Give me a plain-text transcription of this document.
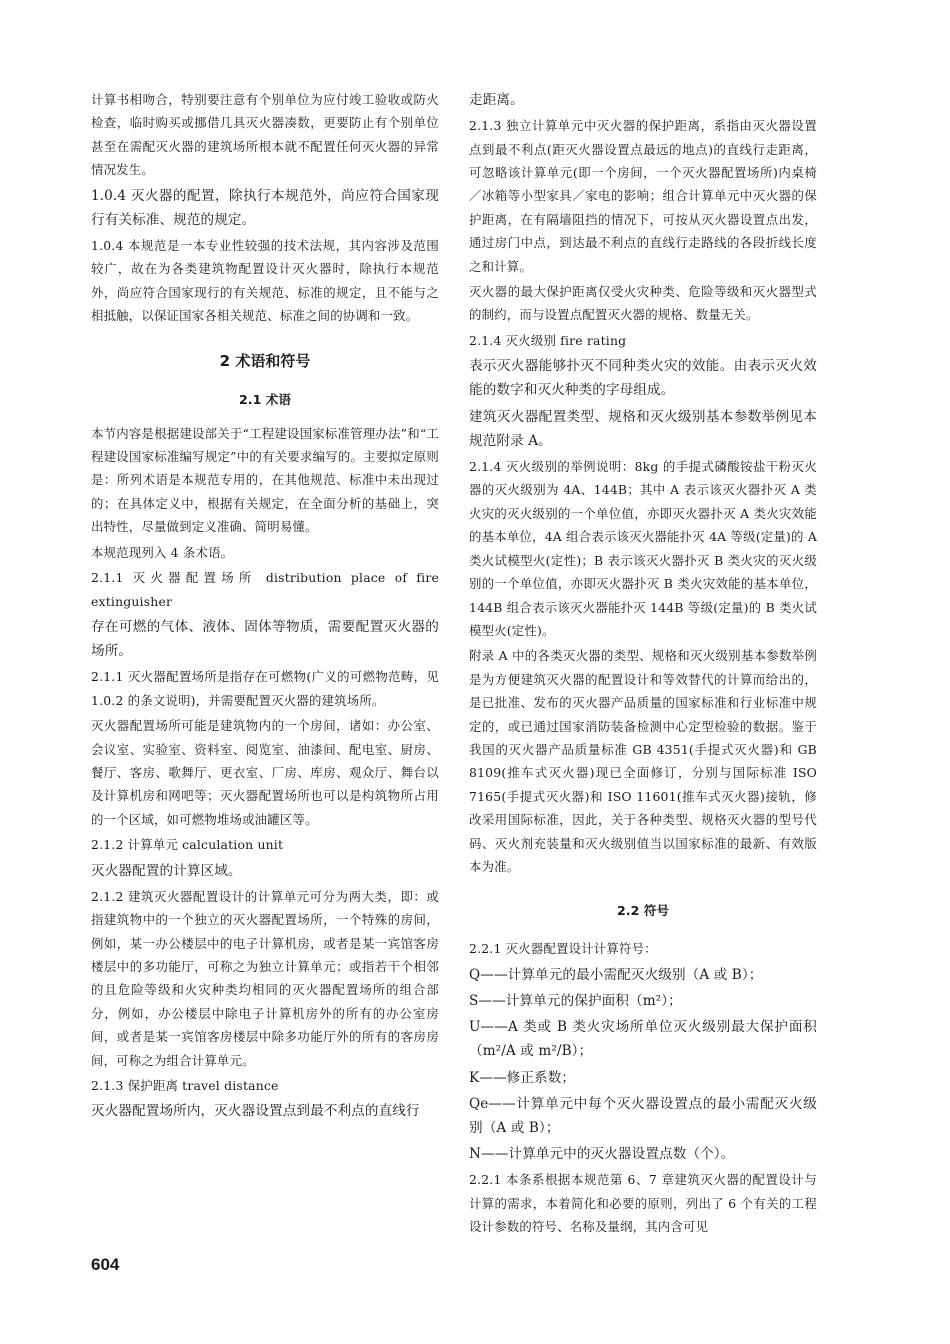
计算书相吻合，特别要注意有个别单位为应付竣工验收或防火检查，临时购买或挪借几具灭火器凑数，更要防止有个别单位甚至在需配灭火器的建筑场所根本就不配置任何灭火器的异常情况发生。
1.0.4 灭火器的配置，除执行本规范外，尚应符合国家现行有关标准、规范的规定。
1.0.4 本规范是一本专业性较强的技术法规，其内容涉及范围较广，故在为各类建筑物配置设计灭火器时，除执行本规范外，尚应符合国家现行的有关规范、标准的规定，且不能与之相抵触，以保证国家各相关规范、标准之间的协调和一致。
2 术语和符号
2.1 术语
本节内容是根据建设部关于“工程建设国家标准管理办法”和“工程建设国家标准编写规定”中的有关要求编写的。主要拟定原则是：所列术语是本规范专用的，在其他规范、标准中未出现过的；在具体定义中，根据有关规定，在全面分析的基础上，突出特性，尽量做到定义准确、简明易懂。
本规范现列入 4 条术语。
2.1.1 灭火器配置场所 distribution place of fire extinguisher
存在可燃的气体、液体、固体等物质，需要配置灭火器的场所。
2.1.1 灭火器配置场所是指存在可燃物(广义的可燃物范畴，见 1.0.2 的条文说明)，并需要配置灭火器的建筑场所。
灭火器配置场所可能是建筑物内的一个房间，诸如：办公室、会议室、实验室、资料室、阅览室、油漆间、配电室、厨房、餐厅、客房、歌舞厅、更衣室、厂房、库房、观众厅、舞台以及计算机房和网吧等；灭火器配置场所也可以是构筑物所占用的一个区域，如可燃物堆场或油罐区等。
2.1.2 计算单元 calculation unit
灭火器配置的计算区域。
2.1.2 建筑灭火器配置设计的计算单元可分为两大类，即：或指建筑物中的一个独立的灭火器配置场所，一个特殊的房间，例如，某一办公楼层中的电子计算机房，或者是某一宾馆客房楼层中的多功能厅，可称之为独立计算单元；或指若干个相邻的且危险等级和火灾种类均相同的灭火器配置场所的组合部分，例如，办公楼层中除电子计算机房外的所有的办公室房间，或者是某一宾馆客房楼层中除多功能厅外的所有的客房房间，可称之为组合计算单元。
2.1.3 保护距离 travel distance
灭火器配置场所内，灭火器设置点到最不利点的直线行
走距离。
2.1.3 独立计算单元中灭火器的保护距离，系指由灭火器设置点到最不利点(距灭火器设置点最远的地点)的直线行走距离，可忽略该计算单元(即一个房间，一个灭火器配置场所)内桌椅／冰箱等小型家具／家电的影响；组合计算单元中灭火器的保护距离，在有隔墙阻挡的情况下，可按从灭火器设置点出发，通过房门中点，到达最不利点的直线行走路线的各段折线长度之和计算。
灭火器的最大保护距离仅受火灾种类、危险等级和灭火器型式的制约，而与设置点配置灭火器的规格、数量无关。
2.1.4 灭火级别 fire rating
表示灭火器能够扑灭不同种类火灾的效能。由表示灭火效能的数字和灭火种类的字母组成。
建筑灭火器配置类型、规格和灭火级别基本参数举例见本规范附录 A。
2.1.4 灭火级别的举例说明：8kg 的手提式磷酸铵盐干粉灭火器的灭火级别为 4A、144B；其中 A 表示该灭火器扑灭 A 类火灾的灭火级别的一个单位值，亦即灭火器扑灭 A 类火灾效能的基本单位，4A 组合表示该灭火器能扑灭 4A 等级(定量)的 A 类火试模型火(定性)；B 表示该灭火器扑灭 B 类火灾的灭火级别的一个单位值，亦即灭火器扑灭 B 类火灾效能的基本单位，144B 组合表示该灭火器能扑灭 144B 等级(定量)的 B 类火试模型火(定性)。
附录 A 中的各类灭火器的类型、规格和灭火级别基本参数举例是为方便建筑灭火器的配置设计和等效替代的计算而给出的，是已批准、发布的灭火器产品质量的国家标准和行业标准中规定的，或已通过国家消防装备检测中心定型检验的数据。鉴于我国的灭火器产品质量标准 GB 4351(手提式灭火器)和 GB 8109(推车式灭火器)现已全面修订，分别与国际标准 ISO 7165(手提式灭火器)和 ISO 11601(推车式灭火器)接轨，修改采用国际标准，因此，关于各种类型、规格灭火器的型号代码、灭火剂充装量和灭火级别值当以国家标准的最新、有效版本为准。
2.2 符号
2.2.1 灭火器配置设计计算符号：
Q——计算单元的最小需配灭火级别（A 或 B）；
S——计算单元的保护面积（m²）；
U——A 类或 B 类火灾场所单位灭火级别最大保护面积（m²/A 或 m²/B）；
K——修正系数；
Qe——计算单元中每个灭火器设置点的最小需配灭火级别（A 或 B）；
N——计算单元中的灭火器设置点数（个）。
2.2.1 本条系根据本规范第 6、7 章建筑灭火器的配置设计与计算的需求，本着简化和必要的原则，列出了 6 个有关的工程设计参数的符号、名称及量纲，其内含可见
604
